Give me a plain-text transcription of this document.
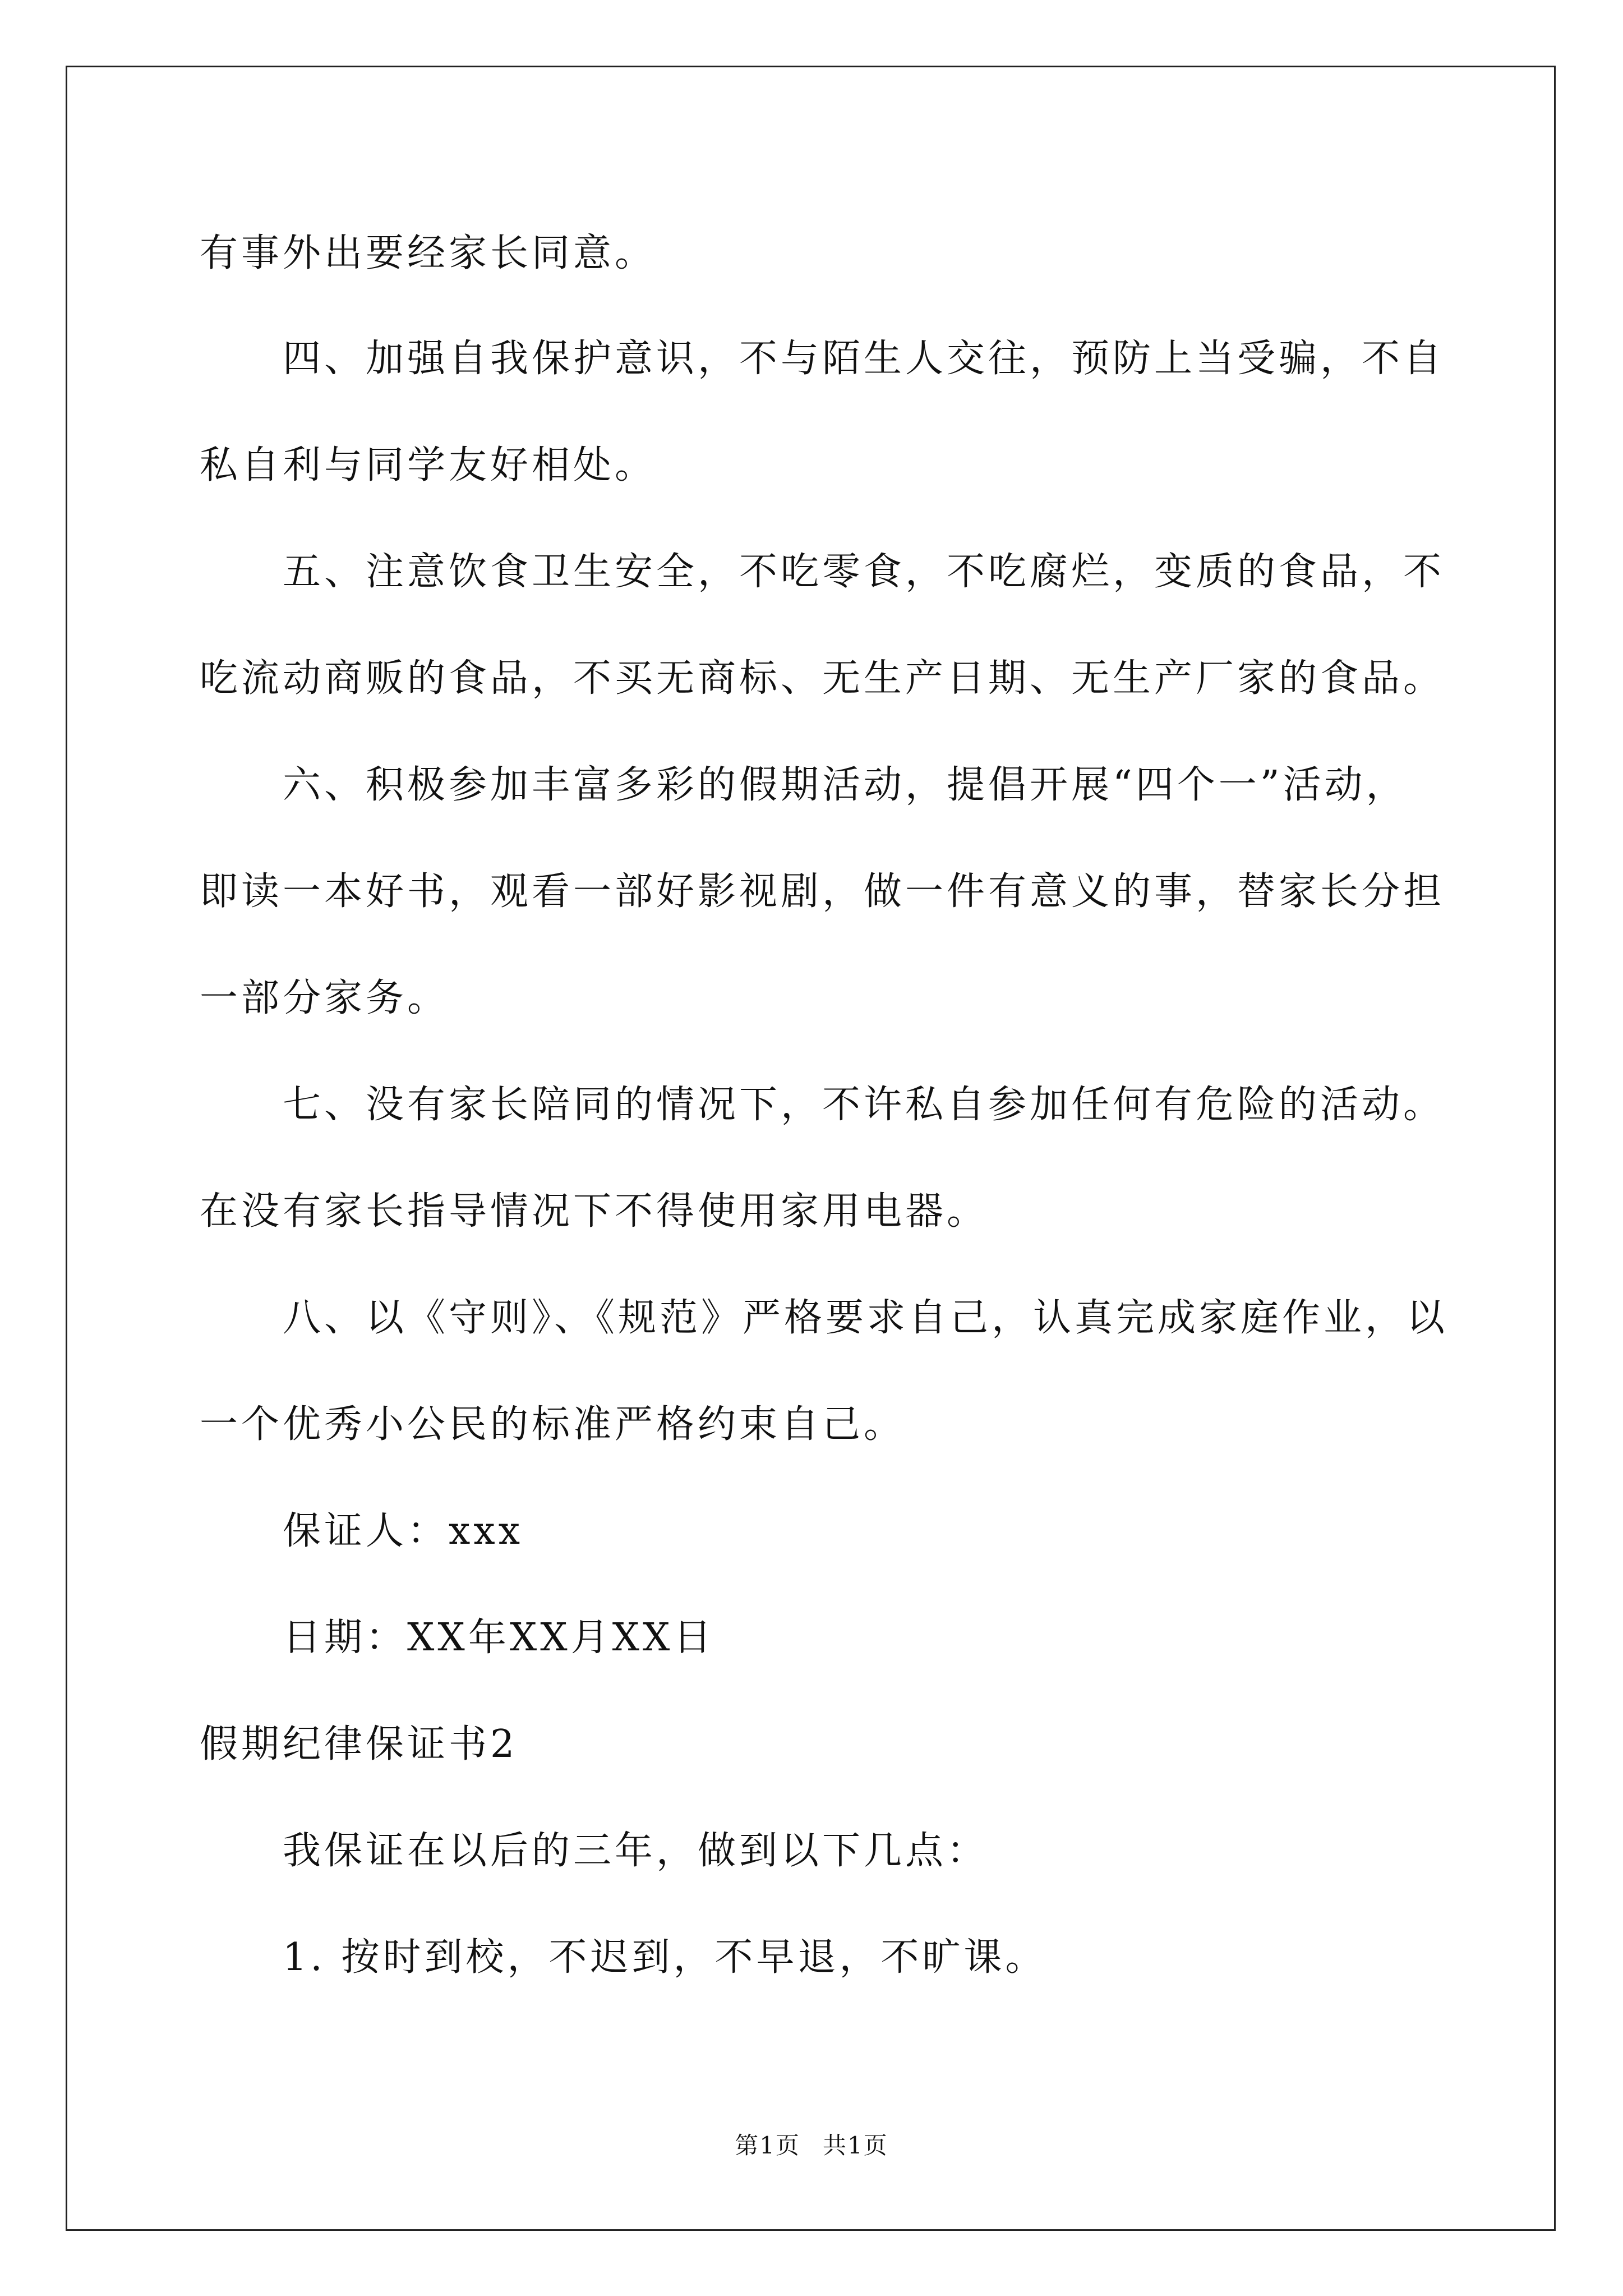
有事外出要经家长同意。
四、加强自我保护意识，不与陌生人交往，预防上当受骗，不自
私自利与同学友好相处。
五、注意饮食卫生安全，不吃零食，不吃腐烂，变质的食品，不
吃流动商贩的食品，不买无商标、无生产日期、无生产厂家的食品。
六、积极参加丰富多彩的假期活动，提倡开展“四个一”活动，
即读一本好书，观看一部好影视剧，做一件有意义的事，替家长分担
一部分家务。
七、没有家长陪同的情况下，不许私自参加任何有危险的活动。
在没有家长指导情况下不得使用家用电器。
八、以《守则》、《规范》严格要求自己，认真完成家庭作业，以
一个优秀小公民的标准严格约束自己。
保证人：xxx
日期：XX年XX月XX日
假期纪律保证书2
我保证在以后的三年，做到以下几点：
1. 按时到校，不迟到，不早退，不旷课。
第1页 共1页
